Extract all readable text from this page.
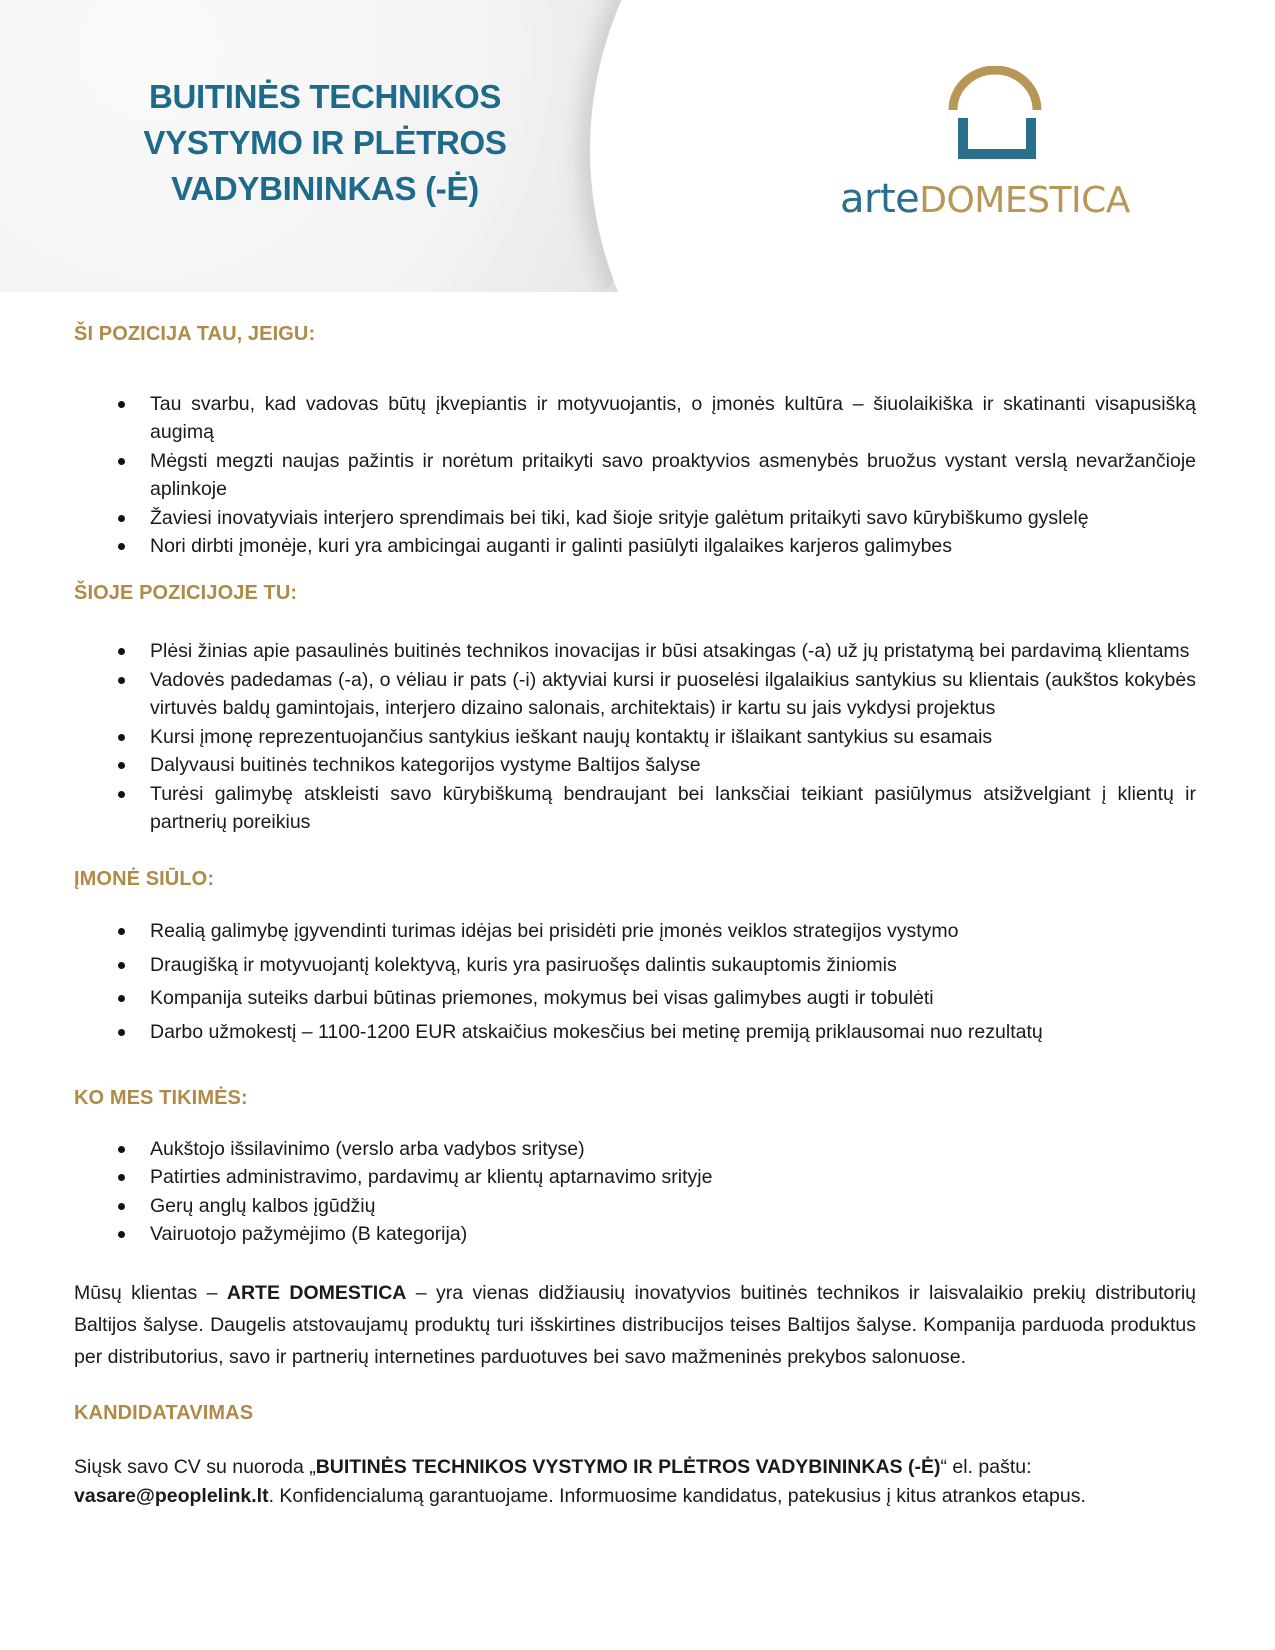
BUITINĖS TECHNIKOS
VYSTYMO IR PLĖTROS
VADYBININKAS (-Ė)	arteDOMESTICA
ŠI POZICIJA TAU, JEIGU:
Tau svarbu, kad vadovas būtų įkvepiantis ir motyvuojantis, o įmonės kultūra – šiuolaikiška ir skatinanti visapusišką augimą
Mėgsti megzti naujas pažintis ir norėtum pritaikyti savo proaktyvios asmenybės bruožus vystant verslą nevaržančioje aplinkoje
Žaviesi inovatyviais interjero sprendimais bei tiki, kad šioje srityje galėtum pritaikyti savo kūrybiškumo gyslelę
Nori dirbti įmonėje, kuri yra ambicingai auganti ir galinti pasiūlyti ilgalaikes karjeros galimybes
ŠIOJE POZICIJOJE TU:
Plėsi žinias apie pasaulinės buitinės technikos inovacijas ir būsi atsakingas (-a) už jų pristatymą bei pardavimą klientams
Vadovės padedamas (-a), o vėliau ir pats (-i) aktyviai kursi ir puoselėsi ilgalaikius santykius su klientais (aukštos kokybės virtuvės baldų gamintojais, interjero dizaino salonais, architektais) ir kartu su jais vykdysi projektus
Kursi įmonę reprezentuojančius santykius ieškant naujų kontaktų ir išlaikant santykius su esamais
Dalyvausi buitinės technikos kategorijos vystyme Baltijos šalyse
Turėsi galimybę atskleisti savo kūrybiškumą bendraujant bei lanksčiai teikiant pasiūlymus atsižvelgiant į klientų ir partnerių poreikius
ĮMONĖ SIŪLO:
Realią galimybę įgyvendinti turimas idėjas bei prisidėti prie įmonės veiklos strategijos vystymo
Draugišką ir motyvuojantį kolektyvą, kuris yra pasiruošęs dalintis sukauptomis žiniomis
Kompanija suteiks darbui būtinas priemones, mokymus bei visas galimybes augti ir tobulėti
Darbo užmokestį – 1100-1200 EUR atskaičius mokesčius bei metinę premiją priklausomai nuo rezultatų
KO MES TIKIMĖS:
Aukštojo išsilavinimo (verslo arba vadybos srityse)
Patirties administravimo, pardavimų ar klientų aptarnavimo srityje
Gerų anglų kalbos įgūdžių
Vairuotojo pažymėjimo (B kategorija)

Mūsų klientas – ARTE DOMESTICA – yra vienas didžiausių inovatyvios buitinės technikos ir laisvalaikio prekių distributorių Baltijos šalyse. Daugelis atstovaujamų produktų turi išskirtines distribucijos teises Baltijos šalyse. Kompanija parduoda produktus per distributorius, savo ir partnerių internetines parduotuves bei savo mažmeninės prekybos salonuose.

KANDIDATAVIMAS

Siųsk savo CV su nuoroda „BUITINĖS TECHNIKOS VYSTYMO IR PLĖTROS VADYBININKAS (-Ė)“ el. paštu:
vasare@peoplelink.lt. Konfidencialumą garantuojame. Informuosime kandidatus, patekusius į kitus atrankos etapus.
